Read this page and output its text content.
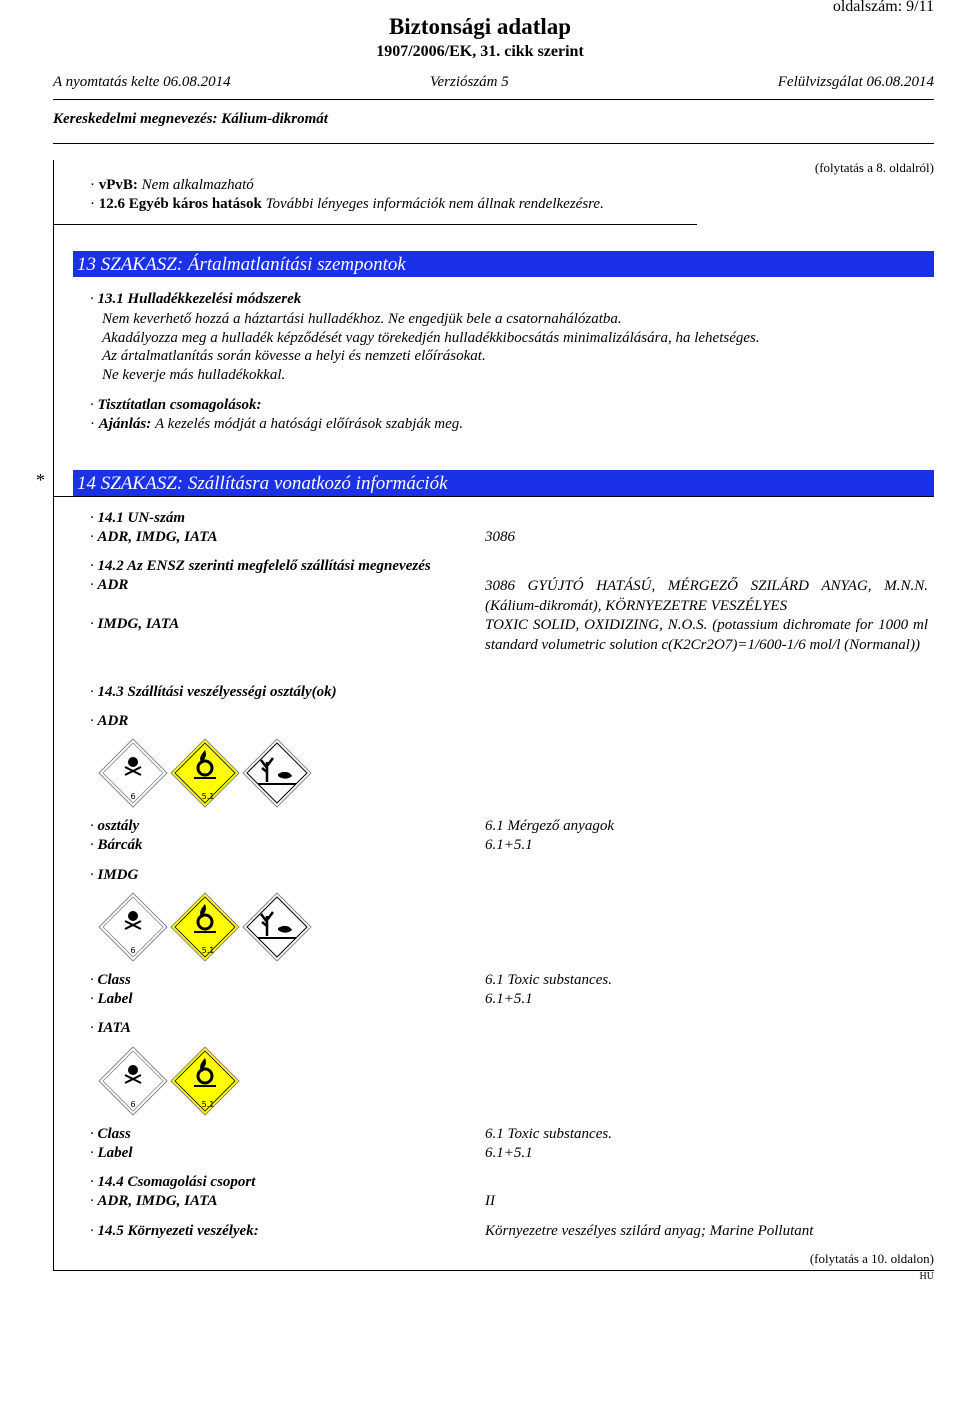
Biztonsági adatlap
1907/2006/EK, 31. cikk szerint
oldalszám: 9/11
A nyomtatás kelte 06.08.2014	Verziószám 5	Felülvizsgálat 06.08.2014
Kereskedelmi megnevezés: Kálium-dikromát
(folytatás a 8. oldalról)
· vPvB: Nem alkalmazható
· 12.6 Egyéb káros hatások További lényeges információk nem állnak rendelkezésre.
13 SZAKASZ: Ártalmatlanítási szempontok
· 13.1 Hulladékkezelési módszerek
Nem keverhető hozzá a háztartási hulladékhoz. Ne engedjük bele a csatornahálózatba.
Akadályozza meg a hulladék képződését vagy törekedjén hulladékkibocsátás minimalizálására, ha lehetséges.
Az ártalmatlanítás során kövesse a helyi és nemzeti előírásokat.
Ne keverje más hulladékokkal.
· Tisztítatlan csomagolások:
· Ajánlás: A kezelés módját a hatósági előírások szabják meg.
* 14 SZAKASZ: Szállításra vonatkozó információk
· 14.1 UN-szám
· ADR, IMDG, IATA	3086
· 14.2 Az ENSZ szerinti megfelelő szállítási megnevezés
· ADR	3086 GYÚJTÓ HATÁSÚ, MÉRGEZŐ SZILÁRD ANYAG, M.N.N. (Kálium-dikromát), KÖRNYEZETRE VESZÉLYES
· IMDG, IATA	TOXIC SOLID, OXIDIZING, N.O.S. (potassium dichromate for 1000 ml standard volumetric solution c(K2Cr2O7)=1/600-1/6 mol/l (Normanal))
· 14.3 Szállítási veszélyességi osztály(ok)
· ADR
6	5.1
· osztály	6.1 Mérgező anyagok
· Bárcák	6.1+5.1
· IMDG
6	5.1
· Class	6.1 Toxic substances.
· Label	6.1+5.1
· IATA
6	5.1
· Class	6.1 Toxic substances.
· Label	6.1+5.1
· 14.4 Csomagolási csoport
· ADR, IMDG, IATA	II
· 14.5 Környezeti veszélyek:	Környezetre veszélyes szilárd anyag; Marine Pollutant
(folytatás a 10. oldalon)
HU
